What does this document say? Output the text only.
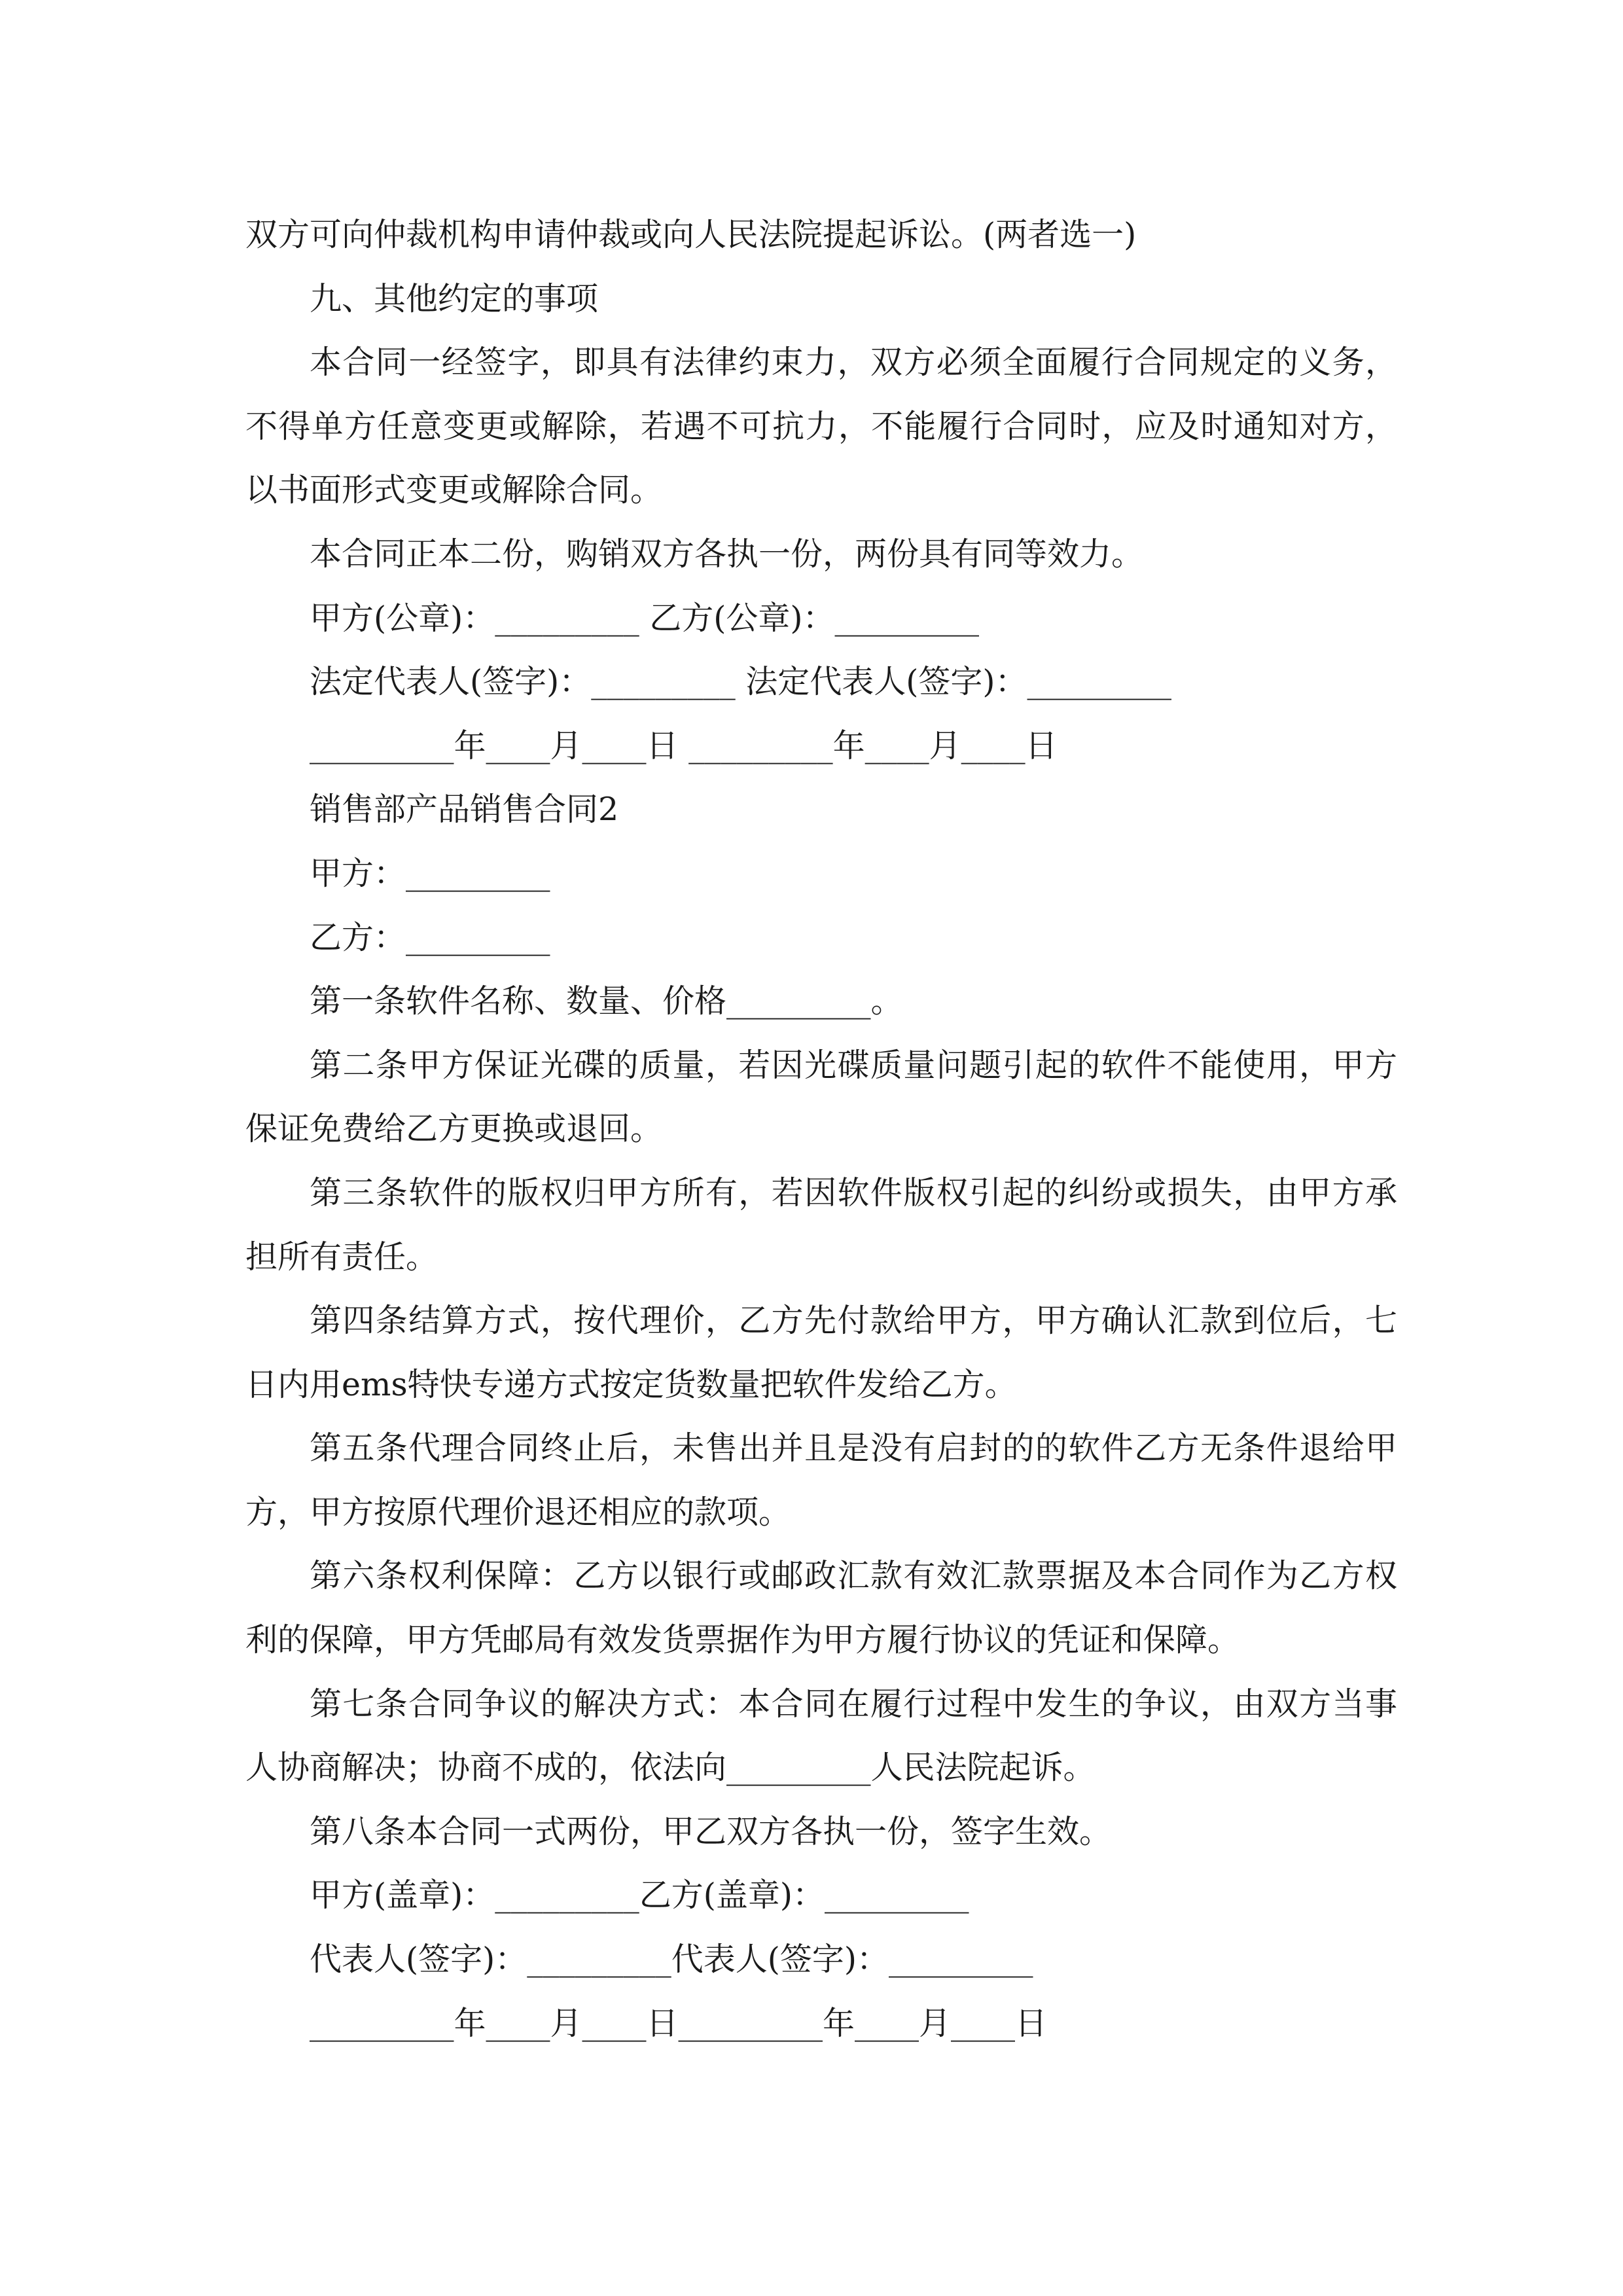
双方可向仲裁机构申请仲裁或向人民法院提起诉讼。(两者选一)

九、其他约定的事项

本合同一经签字，即具有法律约束力，双方必须全面履行合同规定的义务，不得单方任意变更或解除，若遇不可抗力，不能履行合同时，应及时通知对方，以书面形式变更或解除合同。

本合同正本二份，购销双方各执一份，两份具有同等效力。

甲方(公章)：_________ 乙方(公章)：_________

法定代表人(签字)：_________ 法定代表人(签字)：_________

_________年____月____日 _________年____月____日

销售部产品销售合同2

甲方：_________

乙方：_________

第一条软件名称、数量、价格_________。

第二条甲方保证光碟的质量，若因光碟质量问题引起的软件不能使用，甲方保证免费给乙方更换或退回。

第三条软件的版权归甲方所有，若因软件版权引起的纠纷或损失，由甲方承担所有责任。

第四条结算方式，按代理价，乙方先付款给甲方，甲方确认汇款到位后，七日内用ems特快专递方式按定货数量把软件发给乙方。

第五条代理合同终止后，未售出并且是没有启封的的软件乙方无条件退给甲方，甲方按原代理价退还相应的款项。

第六条权利保障：乙方以银行或邮政汇款有效汇款票据及本合同作为乙方权利的保障，甲方凭邮局有效发货票据作为甲方履行协议的凭证和保障。

第七条合同争议的解决方式：本合同在履行过程中发生的争议，由双方当事人协商解决；协商不成的，依法向_________人民法院起诉。

第八条本合同一式两份，甲乙双方各执一份，签字生效。

甲方(盖章)：_________乙方(盖章)：_________

代表人(签字)：_________代表人(签字)：_________

_________年____月____日_________年____月____日
